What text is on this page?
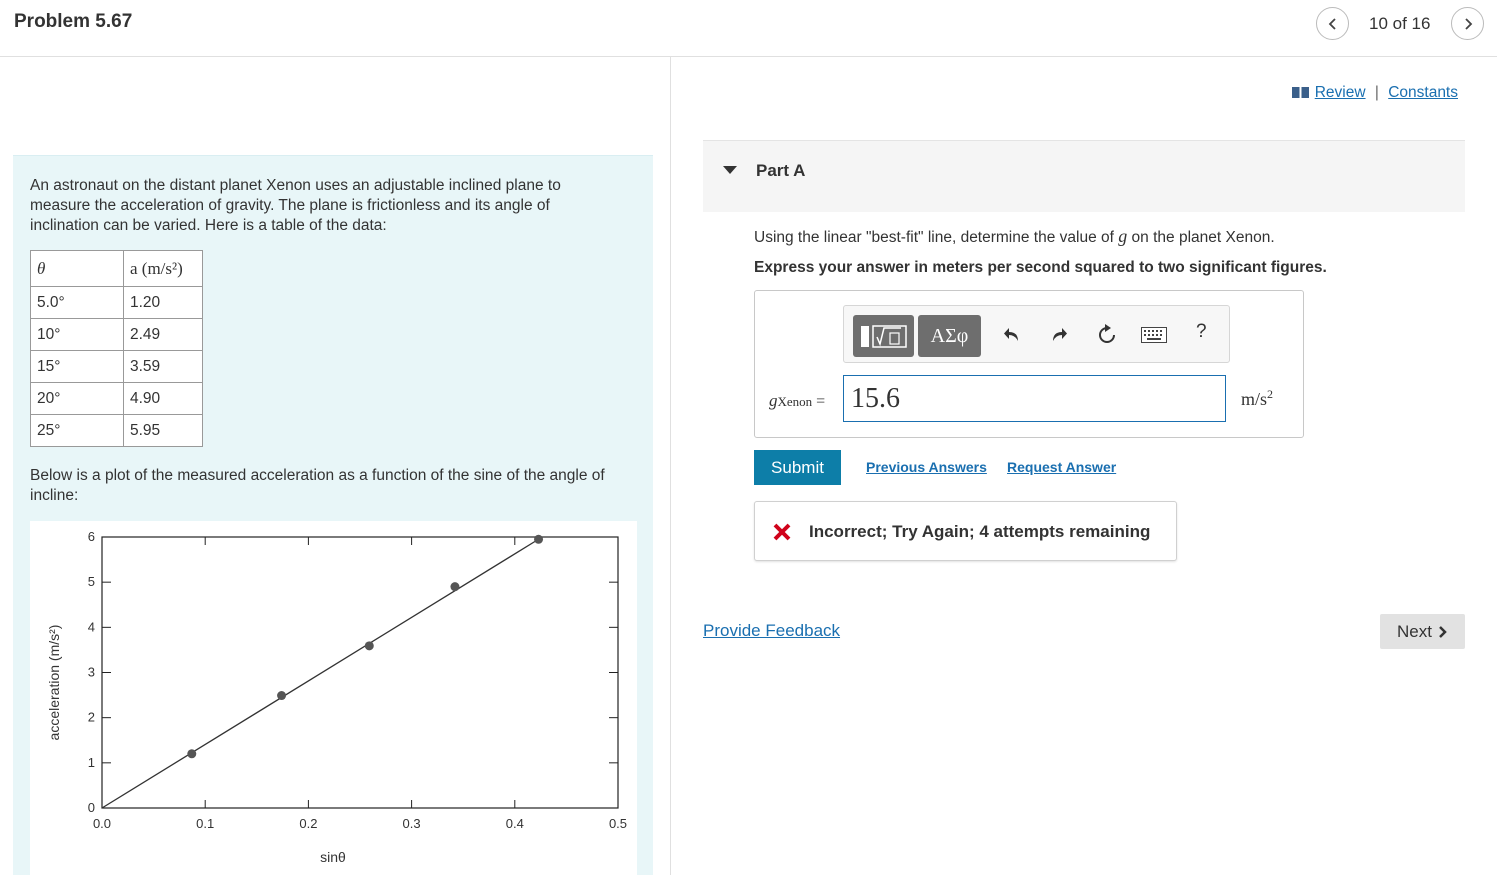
Problem 5.67	10 of 16
An astronaut on the distant planet Xenon uses an adjustable inclined plane to measure the acceleration of gravity. The plane is frictionless and its angle of inclination can be varied. Here is a table of the data:
θ	a (m/s²)
5.0°	1.20
10°	2.49
15°	3.59
20°	4.90
25°	5.95
Below is a plot of the measured acceleration as a function of the sine of the angle of incline:
0.0	0.1	0.2	0.3	0.4	0.5
0
1
2
3
4
5
6
sinθ
acceleration (m/s²)
Review | Constants
Part A
Using the linear "best-fit" line, determine the value of g on the planet Xenon.
Express your answer in meters per second squared to two significant figures.
ΑΣφ	?
gXenon =
15.6	$m/s^2$
Submit	Previous Answers Request Answer
Incorrect; Try Again; 4 attempts remaining
Provide Feedback	Next
